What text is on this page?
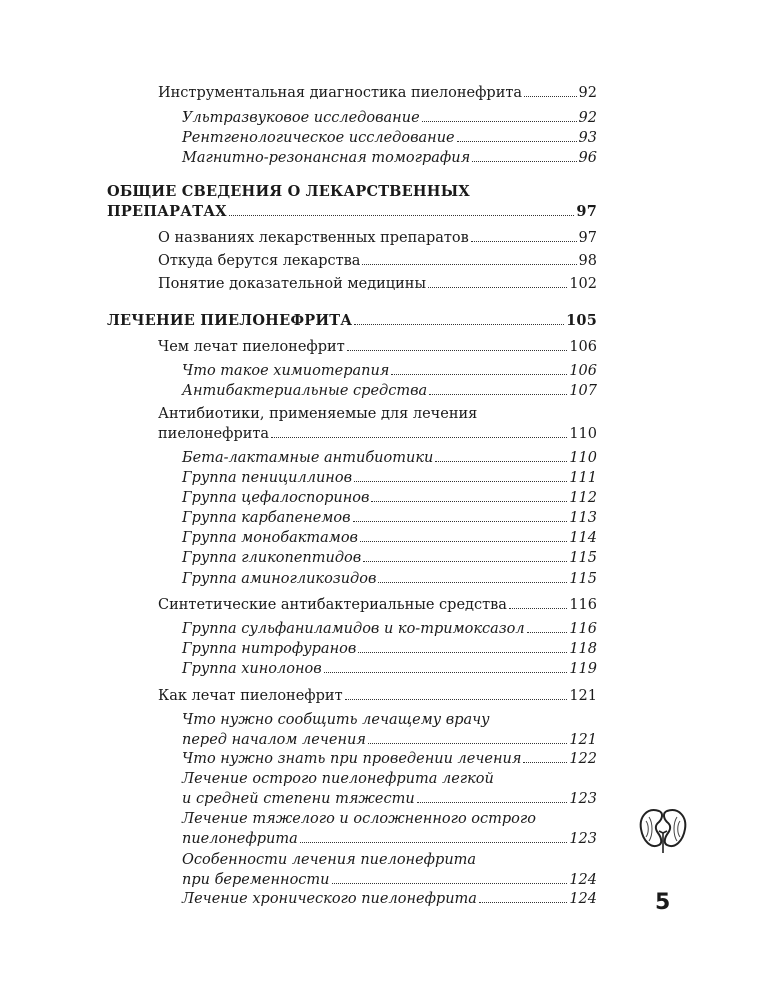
Инструментальная диагностика пиелонефрита	92
Ультразвуковое исследование	92
Рентгенологическое исследование	93
Магнитно-резонансная томография	96
ОБЩИЕ СВЕДЕНИЯ О ЛЕКАРСТВЕННЫХ
ПРЕПАРАТАХ	97
О названиях лекарственных препаратов	97
Откуда берутся лекарства	98
Понятие доказательной медицины	102
ЛЕЧЕНИЕ ПИЕЛОНЕФРИТА	105
Чем лечат пиелонефрит	106
Что такое химиотерапия	106
Антибактериальные средства	107
Антибиотики, применяемые для лечения
пиелонефрита	110
Бета-лактамные антибиотики	110
Группа пенициллинов	111
Группа цефалоспоринов	112
Группа карбапенемов	113
Группа монобактамов	114
Группа гликопептидов	115
Группа аминогликозидов	115
Синтетические антибактериальные средства	116
Группа сульфаниламидов и ко-тримоксазол	116
Группа нитрофуранов	118
Группа хинолонов	119
Как лечат пиелонефрит	121
Что нужно сообщить лечащему врачу
перед началом лечения	121
Что нужно знать при проведении лечения	122
Лечение острого пиелонефрита легкой
и средней степени тяжести	123
Лечение тяжелого и осложненного острого
пиелонефрита	123
Особенности лечения пиелонефрита
при беременности	124
Лечение хронического пиелонефрита	124	5
